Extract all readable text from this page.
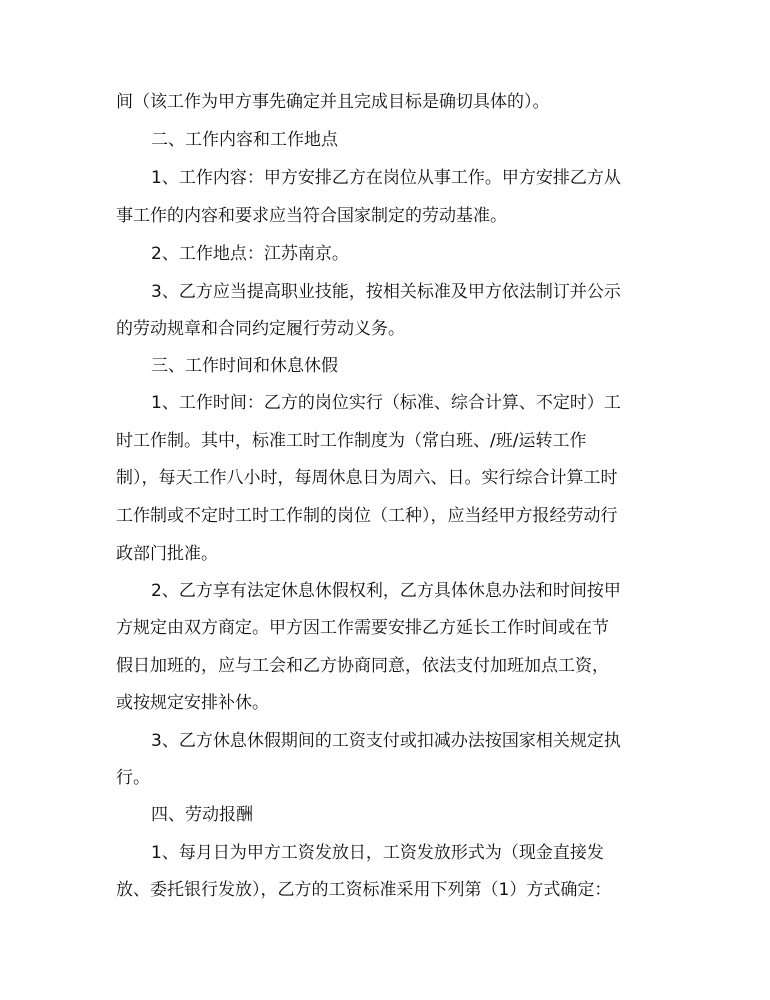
间（该工作为甲方事先确定并且完成目标是确切具体的）。
二、工作内容和工作地点
1、工作内容：甲方安排乙方在岗位从事工作。甲方安排乙方从
事工作的内容和要求应当符合国家制定的劳动基准。
2、工作地点：江苏南京。
3、乙方应当提高职业技能，按相关标准及甲方依法制订并公示
的劳动规章和合同约定履行劳动义务。
三、工作时间和休息休假
1、工作时间：乙方的岗位实行（标准、综合计算、不定时）工
时工作制。其中，标准工时工作制度为（常白班、/班/运转工作
制），每天工作八小时，每周休息日为周六、日。实行综合计算工时
工作制或不定时工时工作制的岗位（工种），应当经甲方报经劳动行
政部门批准。
2、乙方享有法定休息休假权利，乙方具体休息办法和时间按甲
方规定由双方商定。甲方因工作需要安排乙方延长工作时间或在节
假日加班的，应与工会和乙方协商同意，依法支付加班加点工资，
或按规定安排补休。
3、乙方休息休假期间的工资支付或扣减办法按国家相关规定执
行。
四、劳动报酬
1、每月日为甲方工资发放日，工资发放形式为（现金直接发
放、委托银行发放），乙方的工资标准采用下列第（1）方式确定：
